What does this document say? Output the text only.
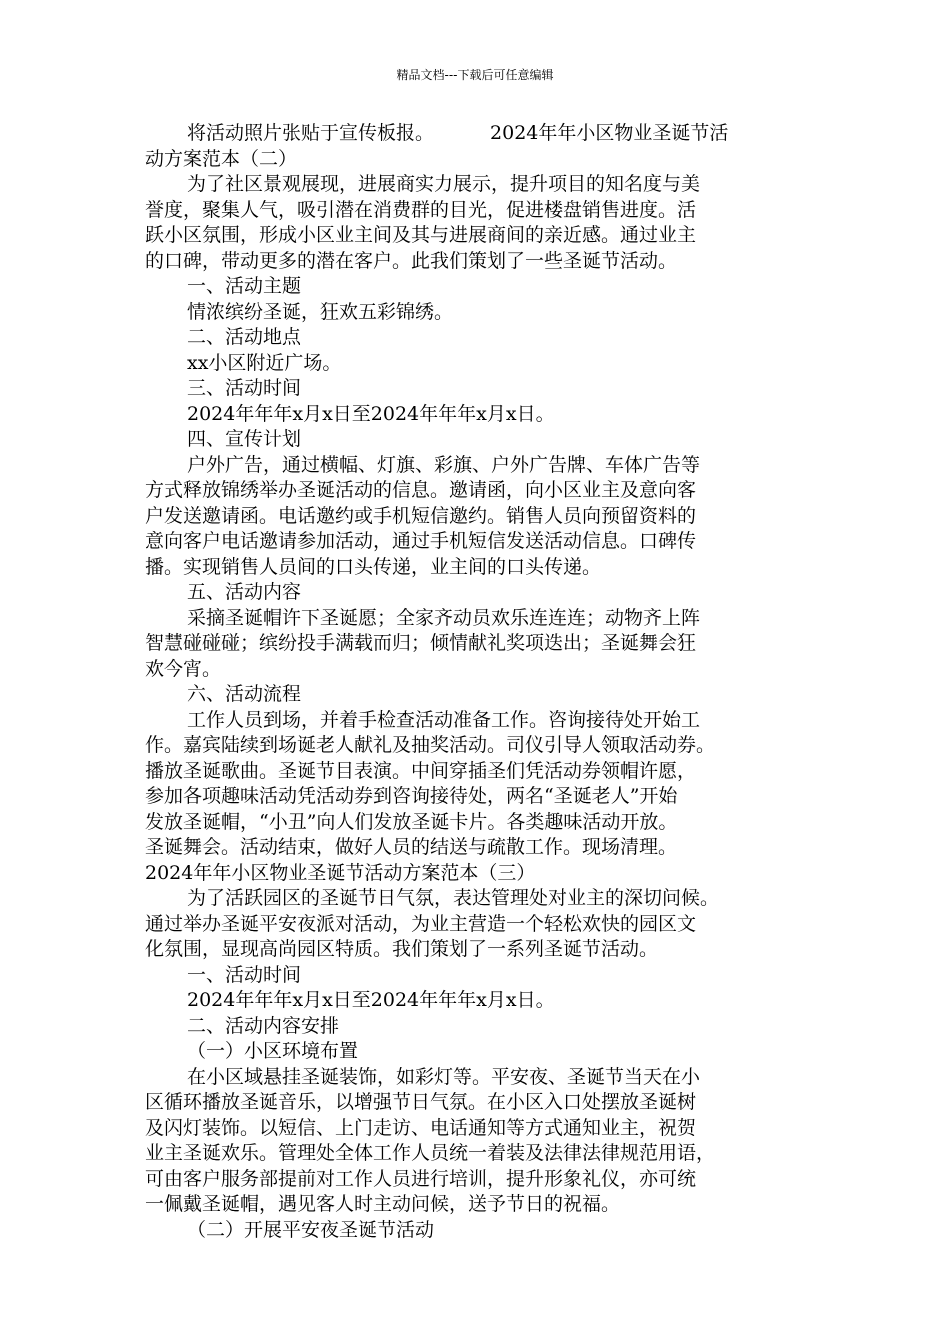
精品文档---下载后可任意编辑
将活动照片张贴于宣传板报。	2024年年小区物业圣诞节活
动方案范本（二）
为了社区景观展现，进展商实力展示，提升项目的知名度与美
誉度，聚集人气，吸引潜在消费群的目光，促进楼盘销售进度。活
跃小区氛围，形成小区业主间及其与进展商间的亲近感。通过业主
的口碑，带动更多的潜在客户。此我们策划了一些圣诞节活动。
一、活动主题
情浓缤纷圣诞，狂欢五彩锦绣。
二、活动地点
xx小区附近广场。
三、活动时间
2024年年年x月x日至2024年年年x月x日。
四、宣传计划
户外广告，通过横幅、灯旗、彩旗、户外广告牌、车体广告等
方式释放锦绣举办圣诞活动的信息。邀请函，向小区业主及意向客
户发送邀请函。电话邀约或手机短信邀约。销售人员向预留资料的
意向客户电话邀请参加活动，通过手机短信发送活动信息。口碑传
播。实现销售人员间的口头传递，业主间的口头传递。
五、活动内容
采摘圣诞帽许下圣诞愿；全家齐动员欢乐连连连；动物齐上阵
智慧碰碰碰；缤纷投手满载而归；倾情献礼奖项迭出；圣诞舞会狂
欢今宵。
六、活动流程
工作人员到场，并着手检查活动准备工作。咨询接待处开始工
作。嘉宾陆续到场诞老人献礼及抽奖活动。司仪引导人领取活动券。
播放圣诞歌曲。圣诞节目表演。中间穿插圣们凭活动券领帽许愿，
参加各项趣味活动凭活动券到咨询接待处，两名“圣诞老人”开始
发放圣诞帽，“小丑”向人们发放圣诞卡片。各类趣味活动开放。
圣诞舞会。活动结束，做好人员的结送与疏散工作。现场清理。
2024年年小区物业圣诞节活动方案范本（三）
为了活跃园区的圣诞节日气氛，表达管理处对业主的深切问候。
通过举办圣诞平安夜派对活动，为业主营造一个轻松欢快的园区文
化氛围，显现高尚园区特质。我们策划了一系列圣诞节活动。
一、活动时间
2024年年年x月x日至2024年年年x月x日。
二、活动内容安排
（一）小区环境布置
在小区域悬挂圣诞装饰，如彩灯等。平安夜、圣诞节当天在小
区循环播放圣诞音乐，以增强节日气氛。在小区入口处摆放圣诞树
及闪灯装饰。以短信、上门走访、电话通知等方式通知业主，祝贺
业主圣诞欢乐。管理处全体工作人员统一着装及法律法律规范用语，
可由客户服务部提前对工作人员进行培训，提升形象礼仪，亦可统
一佩戴圣诞帽，遇见客人时主动问候，送予节日的祝福。
（二）开展平安夜圣诞节活动
